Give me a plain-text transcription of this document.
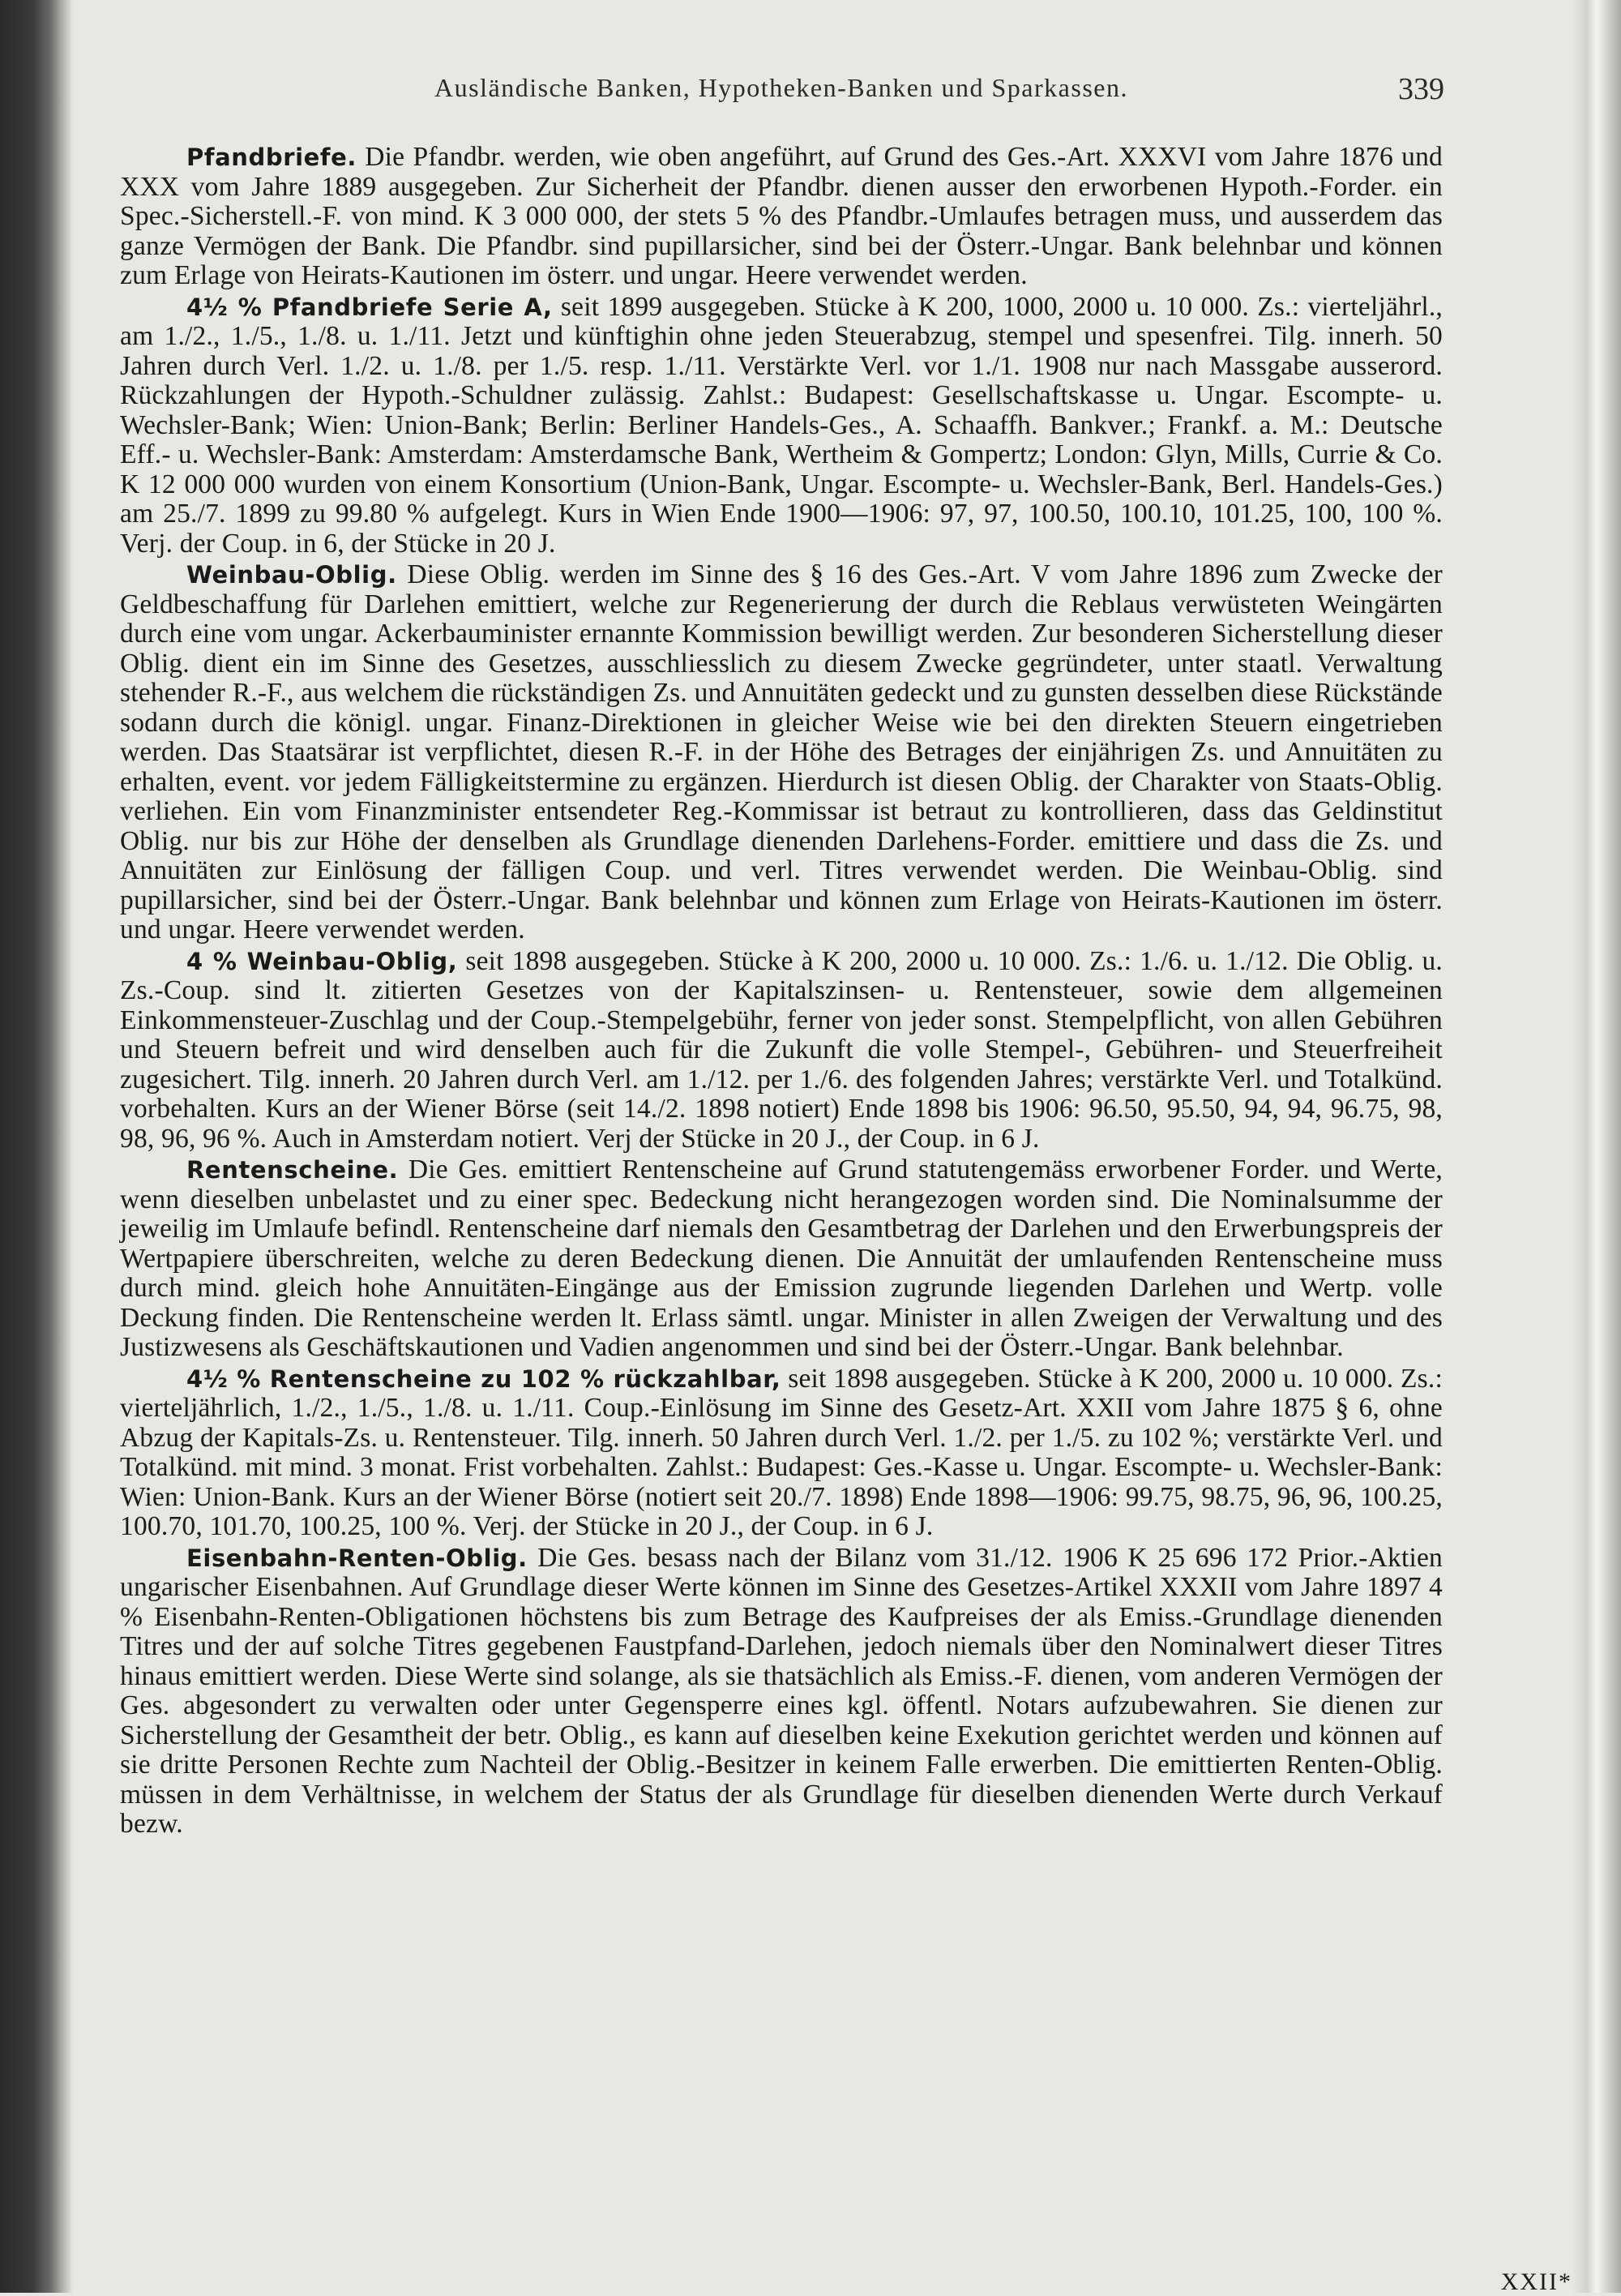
Ausländische Banken, Hypotheken-Banken und Sparkassen.	339

Pfandbriefe. Die Pfandbr. werden, wie oben angeführt, auf Grund des Ges.-Art. XXXVI vom Jahre 1876 und XXX vom Jahre 1889 ausgegeben. Zur Sicherheit der Pfandbr. dienen ausser den erworbenen Hypoth.-Forder. ein Spec.-Sicherstell.-F. von mind. K 3 000 000, der stets 5 % des Pfandbr.-Umlaufes betragen muss, und ausserdem das ganze Vermögen der Bank. Die Pfandbr. sind pupillarsicher, sind bei der Österr.-Ungar. Bank belehnbar und können zum Erlage von Heirats-Kautionen im österr. und ungar. Heere verwendet werden.

4½ % Pfandbriefe Serie A, seit 1899 ausgegeben. Stücke à K 200, 1000, 2000 u. 10 000. Zs.: vierteljährl., am 1./2., 1./5., 1./8. u. 1./11. Jetzt und künftighin ohne jeden Steuerabzug, stempel und spesenfrei. Tilg. innerh. 50 Jahren durch Verl. 1./2. u. 1./8. per 1./5. resp. 1./11. Verstärkte Verl. vor 1./1. 1908 nur nach Massgabe ausserord. Rückzahlungen der Hypoth.-Schuldner zulässig. Zahlst.: Budapest: Gesellschaftskasse u. Ungar. Escompte- u. Wechsler-Bank; Wien: Union-Bank; Berlin: Berliner Handels-Ges., A. Schaaffh. Bankver.; Frankf. a. M.: Deutsche Eff.- u. Wechsler-Bank: Amsterdam: Amsterdamsche Bank, Wertheim & Gompertz; London: Glyn, Mills, Currie & Co. K 12 000 000 wurden von einem Konsortium (Union-Bank, Ungar. Escompte- u. Wechsler-Bank, Berl. Handels-Ges.) am 25./7. 1899 zu 99.80 % aufgelegt. Kurs in Wien Ende 1900—1906: 97, 97, 100.50, 100.10, 101.25, 100, 100 %. Verj. der Coup. in 6, der Stücke in 20 J.

Weinbau-Oblig. Diese Oblig. werden im Sinne des § 16 des Ges.-Art. V vom Jahre 1896 zum Zwecke der Geldbeschaffung für Darlehen emittiert, welche zur Regenerierung der durch die Reblaus verwüsteten Weingärten durch eine vom ungar. Ackerbauminister ernannte Kommission bewilligt werden. Zur besonderen Sicherstellung dieser Oblig. dient ein im Sinne des Gesetzes, ausschliesslich zu diesem Zwecke gegründeter, unter staatl. Verwaltung stehender R.-F., aus welchem die rückständigen Zs. und Annuitäten gedeckt und zu gunsten desselben diese Rückstände sodann durch die königl. ungar. Finanz-Direktionen in gleicher Weise wie bei den direkten Steuern eingetrieben werden. Das Staatsärar ist verpflichtet, diesen R.-F. in der Höhe des Betrages der einjährigen Zs. und Annuitäten zu erhalten, event. vor jedem Fälligkeitstermine zu ergänzen. Hierdurch ist diesen Oblig. der Charakter von Staats-Oblig. verliehen. Ein vom Finanzminister entsendeter Reg.-Kommissar ist betraut zu kontrollieren, dass das Geldinstitut Oblig. nur bis zur Höhe der denselben als Grundlage dienenden Darlehens-Forder. emittiere und dass die Zs. und Annuitäten zur Einlösung der fälligen Coup. und verl. Titres verwendet werden. Die Weinbau-Oblig. sind pupillarsicher, sind bei der Österr.-Ungar. Bank belehnbar und können zum Erlage von Heirats-Kautionen im österr. und ungar. Heere verwendet werden.

4 % Weinbau-Oblig, seit 1898 ausgegeben. Stücke à K 200, 2000 u. 10 000. Zs.: 1./6. u. 1./12. Die Oblig. u. Zs.-Coup. sind lt. zitierten Gesetzes von der Kapitalszinsen- u. Rentensteuer, sowie dem allgemeinen Einkommensteuer-Zuschlag und der Coup.-Stempelgebühr, ferner von jeder sonst. Stempelpflicht, von allen Gebühren und Steuern befreit und wird denselben auch für die Zukunft die volle Stempel-, Gebühren- und Steuerfreiheit zugesichert. Tilg. innerh. 20 Jahren durch Verl. am 1./12. per 1./6. des folgenden Jahres; verstärkte Verl. und Totalkünd. vorbehalten. Kurs an der Wiener Börse (seit 14./2. 1898 notiert) Ende 1898 bis 1906: 96.50, 95.50, 94, 94, 96.75, 98, 98, 96, 96 %. Auch in Amsterdam notiert. Verj der Stücke in 20 J., der Coup. in 6 J.

Rentenscheine. Die Ges. emittiert Rentenscheine auf Grund statutengemäss erworbener Forder. und Werte, wenn dieselben unbelastet und zu einer spec. Bedeckung nicht herangezogen worden sind. Die Nominalsumme der jeweilig im Umlaufe befindl. Rentenscheine darf niemals den Gesamtbetrag der Darlehen und den Erwerbungspreis der Wertpapiere überschreiten, welche zu deren Bedeckung dienen. Die Annuität der umlaufenden Rentenscheine muss durch mind. gleich hohe Annuitäten-Eingänge aus der Emission zugrunde liegenden Darlehen und Wertp. volle Deckung finden. Die Rentenscheine werden lt. Erlass sämtl. ungar. Minister in allen Zweigen der Verwaltung und des Justizwesens als Geschäftskautionen und Vadien angenommen und sind bei der Österr.-Ungar. Bank belehnbar.

4½ % Rentenscheine zu 102 % rückzahlbar, seit 1898 ausgegeben. Stücke à K 200, 2000 u. 10 000. Zs.: vierteljährlich, 1./2., 1./5., 1./8. u. 1./11. Coup.-Einlösung im Sinne des Gesetz-Art. XXII vom Jahre 1875 § 6, ohne Abzug der Kapitals-Zs. u. Rentensteuer. Tilg. innerh. 50 Jahren durch Verl. 1./2. per 1./5. zu 102 %; verstärkte Verl. und Totalkünd. mit mind. 3 monat. Frist vorbehalten. Zahlst.: Budapest: Ges.-Kasse u. Ungar. Escompte- u. Wechsler-Bank: Wien: Union-Bank. Kurs an der Wiener Börse (notiert seit 20./7. 1898) Ende 1898—1906: 99.75, 98.75, 96, 96, 100.25, 100.70, 101.70, 100.25, 100 %. Verj. der Stücke in 20 J., der Coup. in 6 J.

Eisenbahn-Renten-Oblig. Die Ges. besass nach der Bilanz vom 31./12. 1906 K 25 696 172 Prior.-Aktien ungarischer Eisenbahnen. Auf Grundlage dieser Werte können im Sinne des Gesetzes-Artikel XXXII vom Jahre 1897 4 % Eisenbahn-Renten-Obligationen höchstens bis zum Betrage des Kaufpreises der als Emiss.-Grundlage dienenden Titres und der auf solche Titres gegebenen Faustpfand-Darlehen, jedoch niemals über den Nominalwert dieser Titres hinaus emittiert werden. Diese Werte sind solange, als sie thatsächlich als Emiss.-F. dienen, vom anderen Vermögen der Ges. abgesondert zu verwalten oder unter Gegensperre eines kgl. öffentl. Notars aufzubewahren. Sie dienen zur Sicherstellung der Gesamtheit der betr. Oblig., es kann auf dieselben keine Exekution gerichtet werden und können auf sie dritte Personen Rechte zum Nachteil der Oblig.-Besitzer in keinem Falle erwerben. Die emittierten Renten-Oblig. müssen in dem Verhältnisse, in welchem der Status der als Grundlage für dieselben dienenden Werte durch Verkauf bezw.

XXII*
